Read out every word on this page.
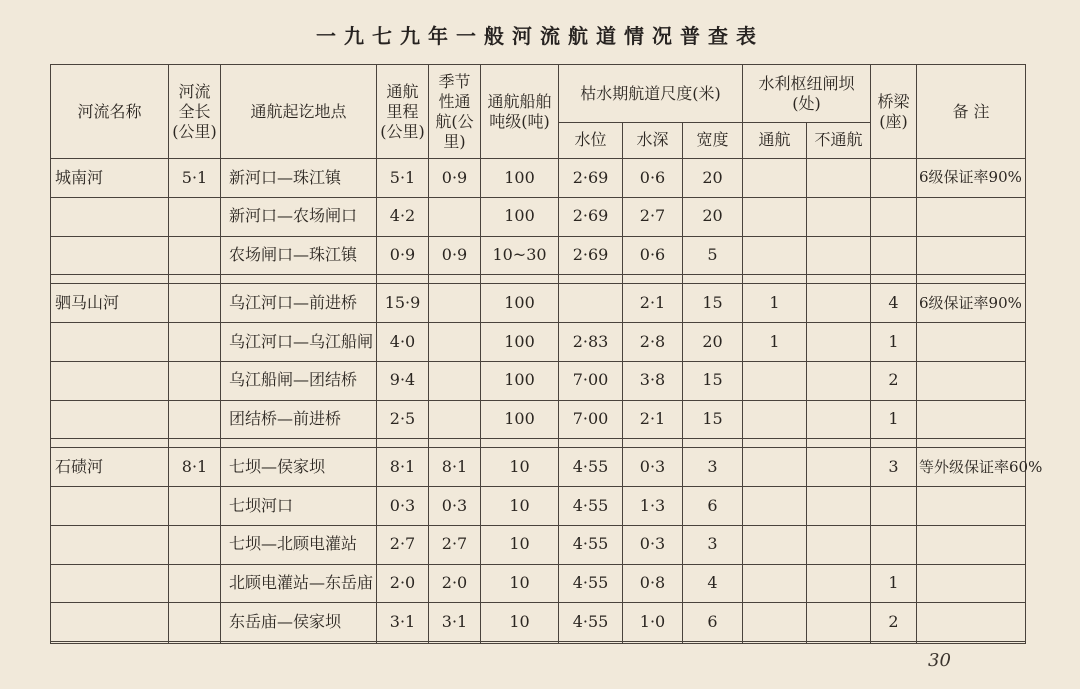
一九七九年一般河流航道情况普查表
河流名称	河流全长(公里)	通航起讫地点	通航里程(公里)	季节性通航(公里)	通航船舶吨级(吨)	枯水期航道尺度(米)			水利枢纽闸坝(处)		桥梁(座)	备 注
						水位	水深	宽度	通航	不通航		
城南河	5·1	新河口—珠江镇	5·1	0·9	100	2·69	0·6	20				6级保证率90%
		新河口—农场闸口	4·2		100	2·69	2·7	20				
		农场闸口—珠江镇	0·9	0·9	10~30	2·69	0·6	5				

驷马山河		乌江河口—前进桥	15·9		100		2·1	15	1		4	6级保证率90%
		乌江河口—乌江船闸	4·0		100	2·83	2·8	20	1		1	
		乌江船闸—团结桥	9·4		100	7·00	3·8	15			2	
		团结桥—前进桥	2·5		100	7·00	2·1	15			1	

石碛河	8·1	七坝—侯家坝	8·1	8·1	10	4·55	0·3	3			3	等外级保证率60%
		七坝河口	0·3	0·3	10	4·55	1·3	6				
		七坝—北顾电灌站	2·7	2·7	10	4·55	0·3	3				
		北顾电灌站—东岳庙	2·0	2·0	10	4·55	0·8	4			1	
		东岳庙—侯家坝	3·1	3·1	10	4·55	1·0	6			2	

30
